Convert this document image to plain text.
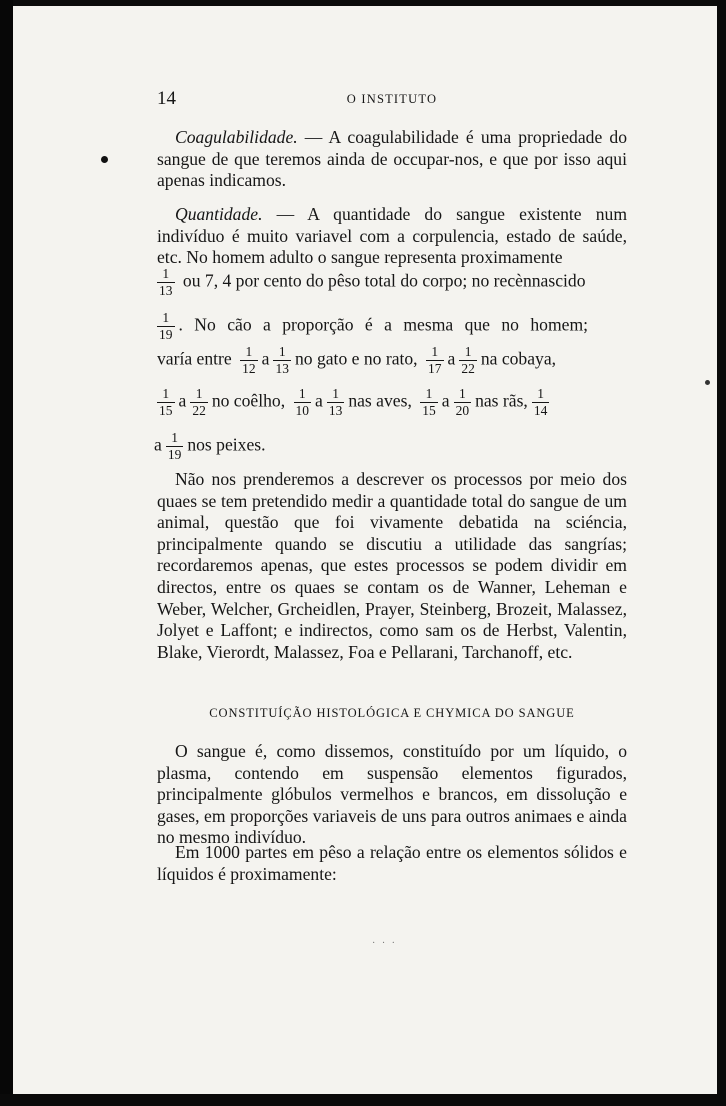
14	O INSTITUTO

Coagulabilidade. — A coagulabilidade é uma propriedade do sangue de que teremos ainda de occupar-nos, e que por isso aqui apenas indicamos.

Quantidade. — A quantidade do sangue existente num indivíduo é muito variavel com a corpulencia, estado de saúde, etc. No homem adulto o sangue representa proximamente

$\frac{1}{13}$ ou 7, 4 por cento do pêso total do corpo; no recènnascido
$\frac{1}{19}$ . No cão a proporção é a mesma que no homem;
varía entre $\frac{1}{12}$ a $\frac{1}{13}$ no gato e no rato, $\frac{1}{17}$ a $\frac{1}{22}$ na cobaya,
$\frac{1}{15}$ a $\frac{1}{22}$ no coêlho, $\frac{1}{10}$ a $\frac{1}{13}$ nas aves, $\frac{1}{15}$ a $\frac{1}{20}$ nas rãs, $\frac{1}{14}$
a $\frac{1}{19}$ nos peixes.

Não nos prenderemos a descrever os processos por meio dos quaes se tem pretendido medir a quantidade total do sangue de um animal, questão que foi vivamente debatida na sciéncia, principalmente quando se discutiu a utilidade das sangrías; recordaremos apenas, que estes processos se podem dividir em directos, entre os quaes se contam os de Wanner, Leheman e Weber, Welcher, Grcheidlen, Prayer, Steinberg, Brozeit, Malassez, Jolyet e Laffont; e indirectos, como sam os de Herbst, Valentin, Blake, Vierordt, Malassez, Foa e Pellarani, Tarchanoff, etc.

CONSTITUÍÇÃO HISTOLÓGICA E CHYMICA DO SANGUE

O sangue é, como dissemos, constituído por um líquido, o plasma, contendo em suspensão elementos figurados, principalmente glóbulos vermelhos e brancos, em dissolução e gases, em proporções variaveis de uns para outros animaes e ainda no mesmo indivíduo.

Em 1000 partes em pêso a relação entre os elementos sólidos e líquidos é proximamente:

· · ·
